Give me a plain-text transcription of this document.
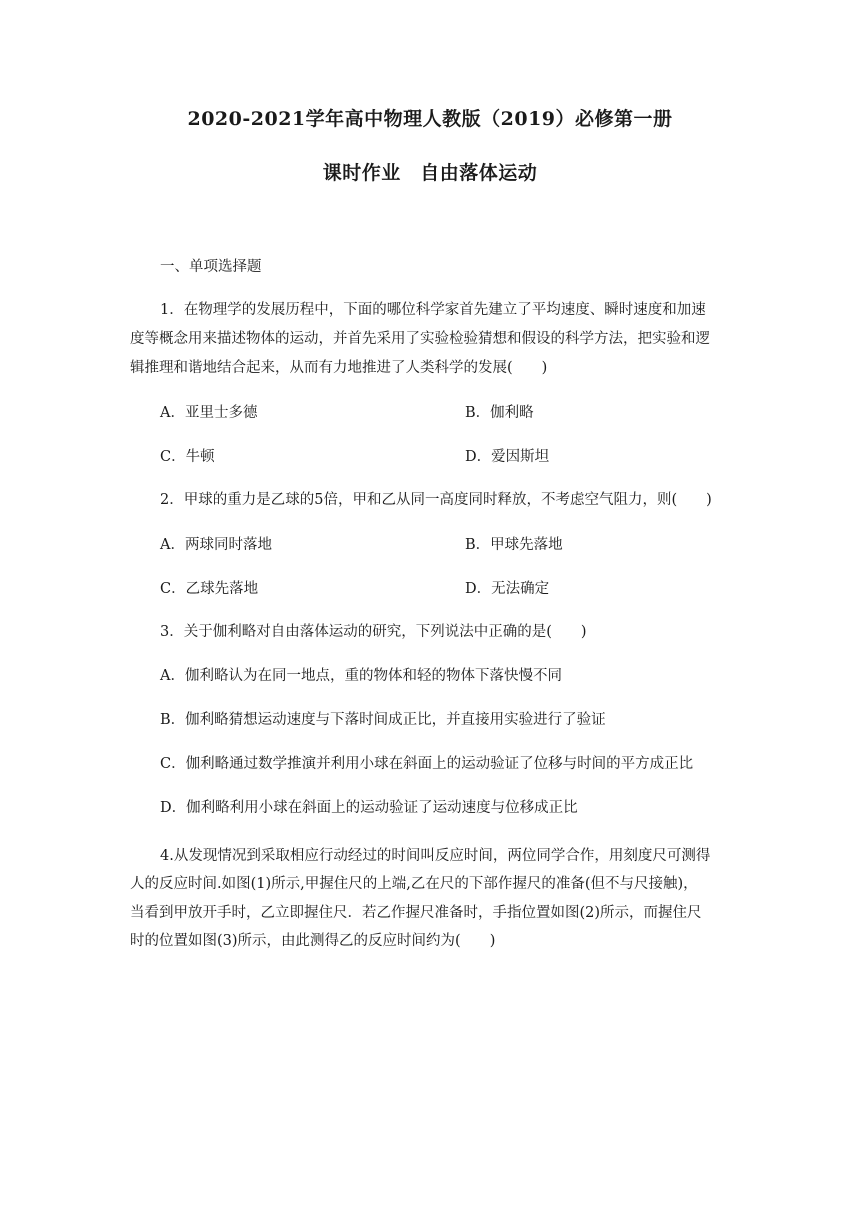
2020-2021学年高中物理人教版（2019）必修第一册
课时作业　自由落体运动
一、单项选择题
1．在物理学的发展历程中，下面的哪位科学家首先建立了平均速度、瞬时速度和加速
度等概念用来描述物体的运动，并首先采用了实验检验猜想和假设的科学方法，把实验和逻
辑推理和谐地结合起来，从而有力地推进了人类科学的发展(　　)
A．亚里士多德	B．伽利略
C．牛顿	D．爱因斯坦
2．甲球的重力是乙球的5倍，甲和乙从同一高度同时释放，不考虑空气阻力，则(　　)
A．两球同时落地	B．甲球先落地
C．乙球先落地	D．无法确定
3．关于伽利略对自由落体运动的研究，下列说法中正确的是(　　)
A．伽利略认为在同一地点，重的物体和轻的物体下落快慢不同
B．伽利略猜想运动速度与下落时间成正比，并直接用实验进行了验证
C．伽利略通过数学推演并利用小球在斜面上的运动验证了位移与时间的平方成正比
D．伽利略利用小球在斜面上的运动验证了运动速度与位移成正比
4.从发现情况到采取相应行动经过的时间叫反应时间，两位同学合作，用刻度尺可测得
人的反应时间.如图(1)所示,甲握住尺的上端,乙在尺的下部作握尺的准备(但不与尺接触)，
当看到甲放开手时，乙立即握住尺．若乙作握尺准备时，手指位置如图(2)所示，而握住尺
时的位置如图(3)所示，由此测得乙的反应时间约为(　　)
